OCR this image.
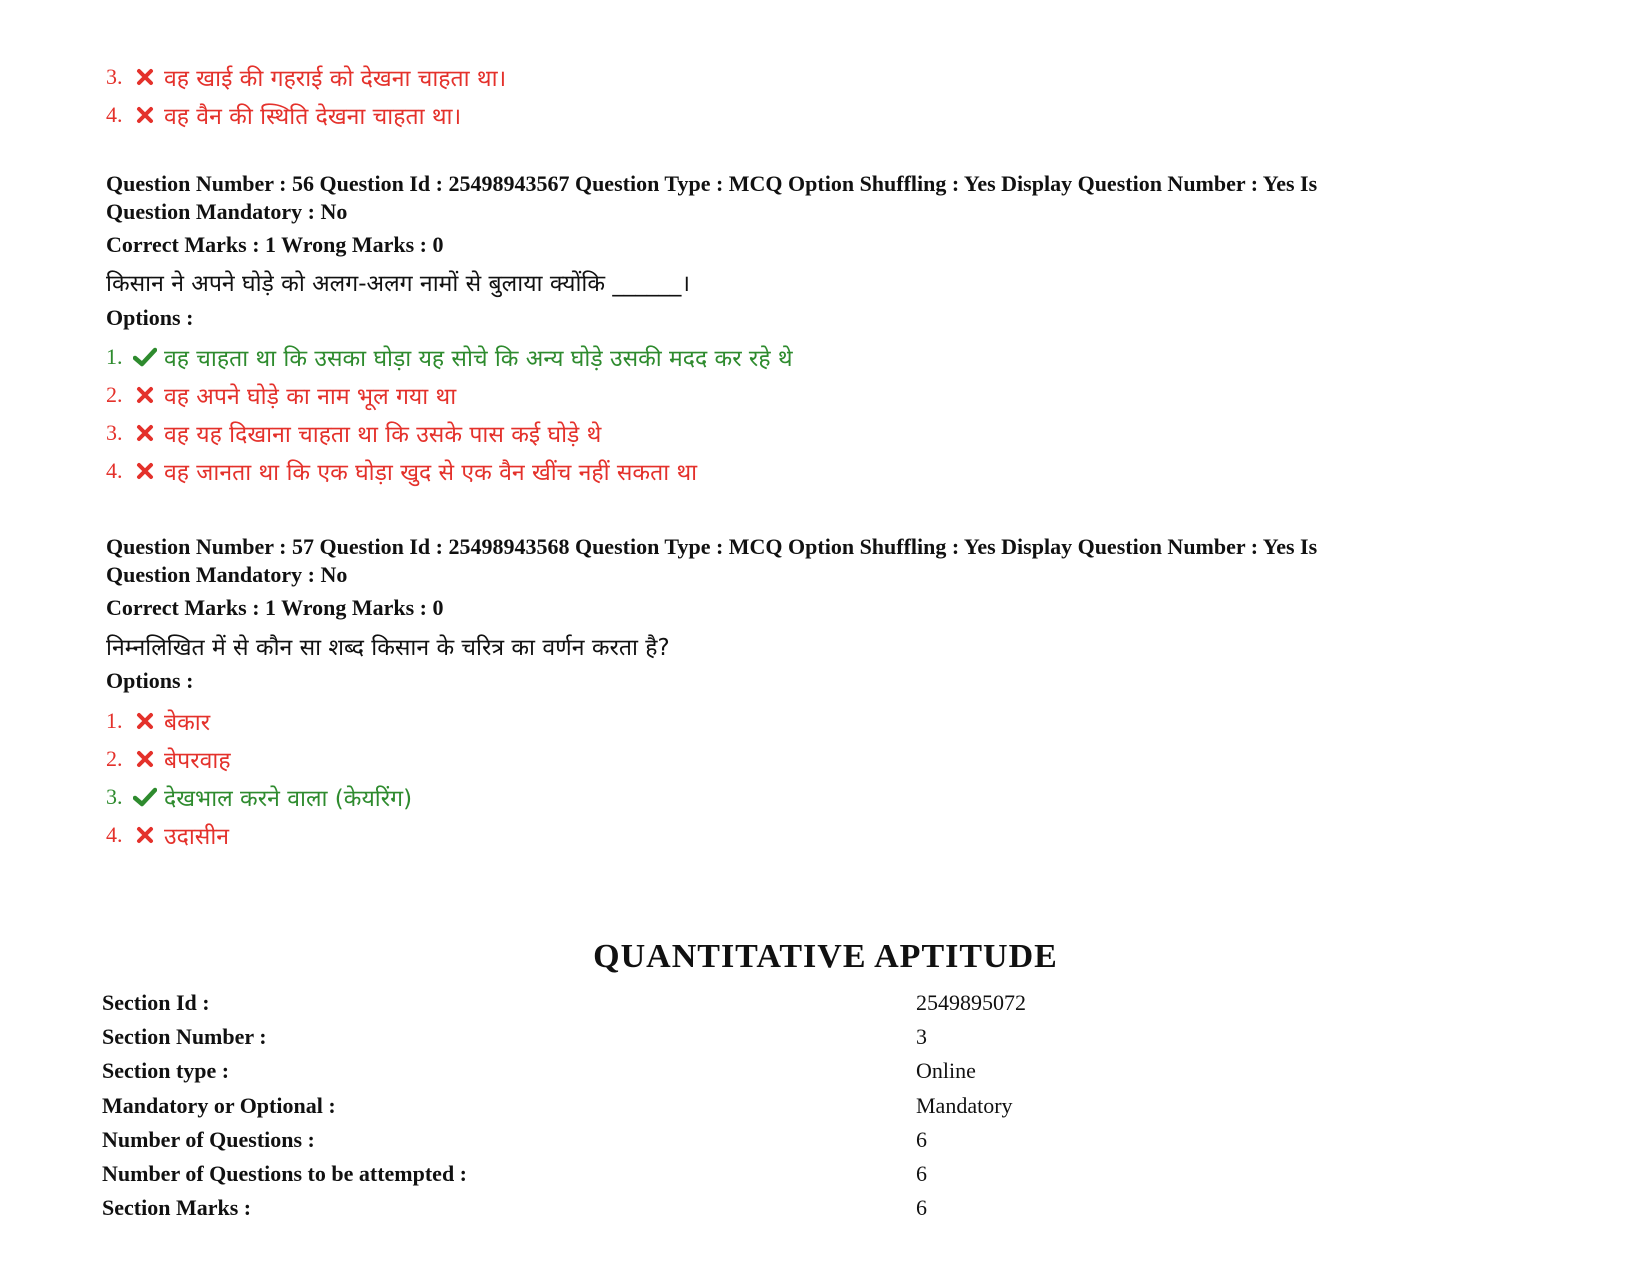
3.	वह खाई की गहराई को देखना चाहता था।
4.	वह वैन की स्थिति देखना चाहता था।
Question Number : 56 Question Id : 25498943567 Question Type : MCQ Option Shuffling : Yes Display Question Number : Yes Is
Question Mandatory : No
Correct Marks : 1 Wrong Marks : 0
किसान ने अपने घोड़े को अलग-अलग नामों से बुलाया क्योंकि ______।
Options :
1.	वह चाहता था कि उसका घोड़ा यह सोचे कि अन्य घोड़े उसकी मदद कर रहे थे
2.	वह अपने घोड़े का नाम भूल गया था
3.	वह यह दिखाना चाहता था कि उसके पास कई घोड़े थे
4.	वह जानता था कि एक घोड़ा खुद से एक वैन खींच नहीं सकता था
Question Number : 57 Question Id : 25498943568 Question Type : MCQ Option Shuffling : Yes Display Question Number : Yes Is
Question Mandatory : No
Correct Marks : 1 Wrong Marks : 0
निम्नलिखित में से कौन सा शब्द किसान के चरित्र का वर्णन करता है?
Options :
1.	बेकार
2.	बेपरवाह
3.	देखभाल करने वाला (केयरिंग)
4.	उदासीन
QUANTITATIVE APTITUDE
Section Id :	2549895072
Section Number :	3
Section type :	Online
Mandatory or Optional :	Mandatory
Number of Questions :	6
Number of Questions to be attempted :	6
Section Marks :	6
